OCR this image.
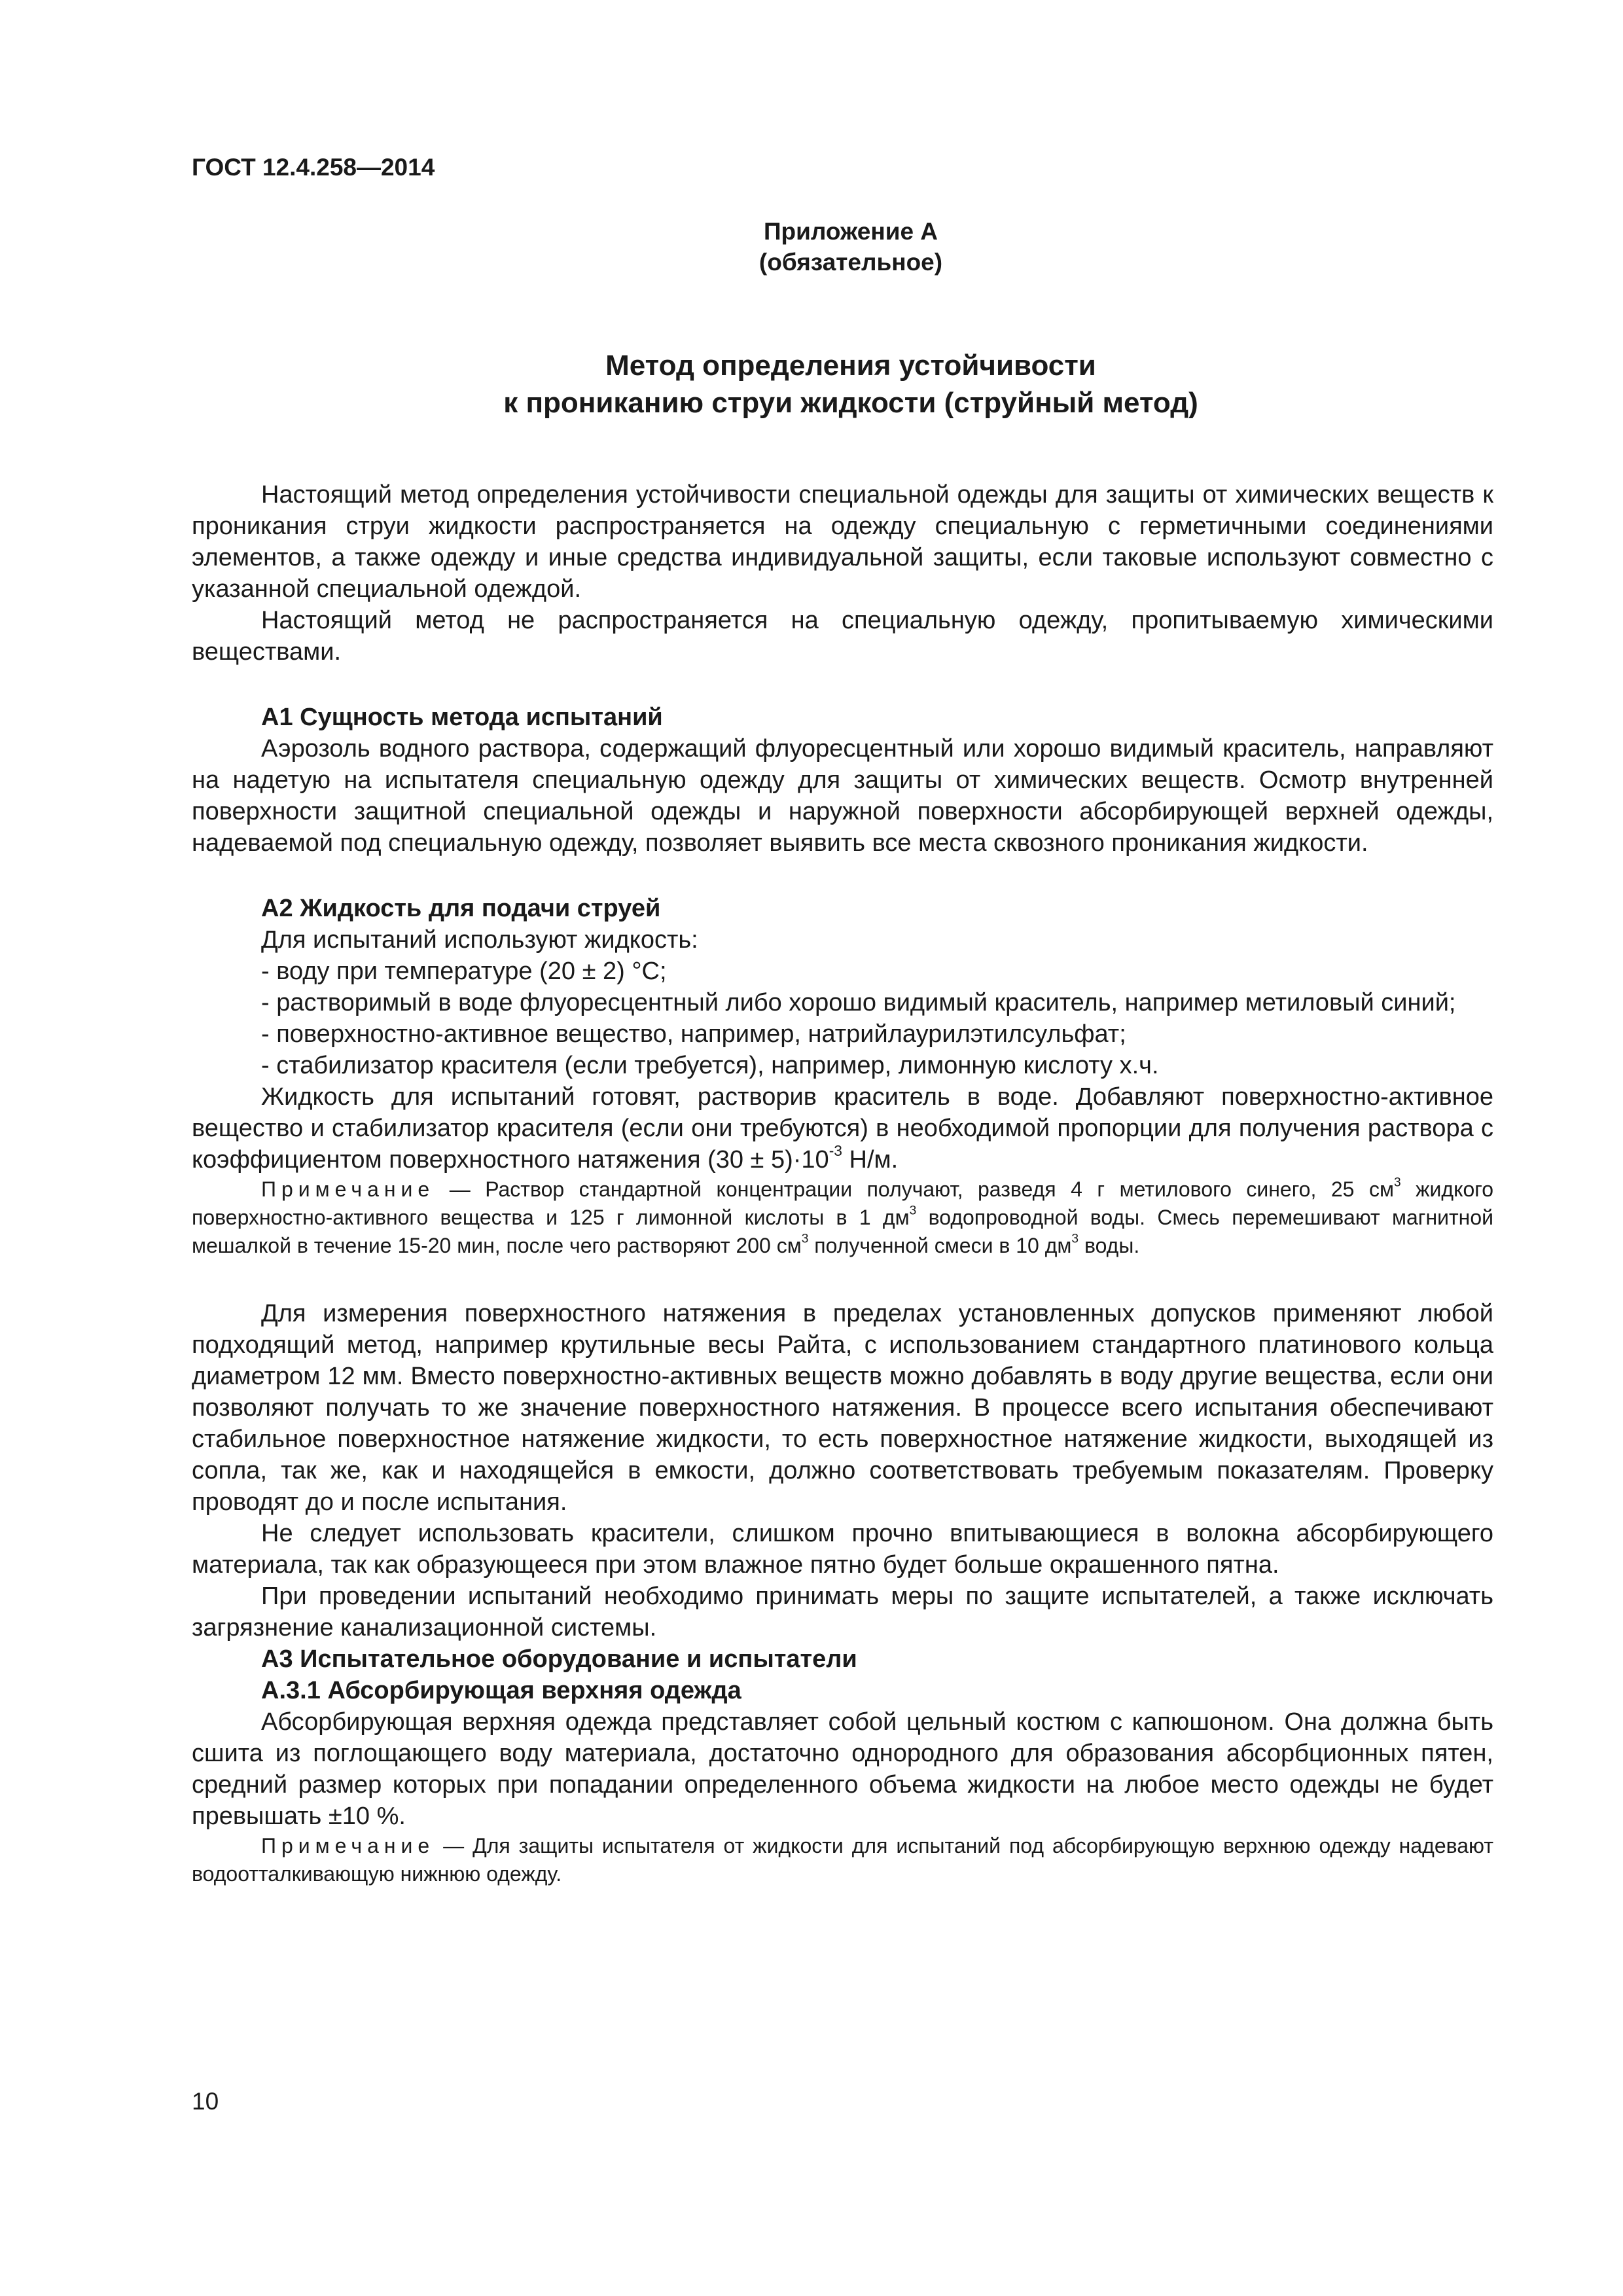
ГОСТ 12.4.258—2014
Приложение А
(обязательное)
Метод определения устойчивости
к прониканию струи жидкости (струйный метод)

Настоящий метод определения устойчивости специальной одежды для защиты от химических веществ к проникания струи жидкости распространяется на одежду специальную с герметичными соединениями элементов, а также одежду и иные средства индивидуальной защиты, если таковые используют совместно с указанной специальной одеждой.

Настоящий метод не распространяется на специальную одежду, пропитываемую химическими веществами.

А1 Сущность метода испытаний

Аэрозоль водного раствора, содержащий флуоресцентный или хорошо видимый краситель, направляют на надетую на испытателя специальную одежду для защиты от химических веществ. Осмотр внутренней поверхности защитной специальной одежды и наружной поверхности абсорбирующей верхней одежды, надеваемой под специальную одежду, позволяет выявить все места сквозного проникания жидкости.

А2 Жидкость для подачи струей

Для испытаний используют жидкость:

- воду при температуре (20 ± 2) °С;

- растворимый в воде флуоресцентный либо хорошо видимый краситель, например метиловый синий;

- поверхностно-активное вещество, например, натрийлаурилэтилсульфат;

- стабилизатор красителя (если требуется), например, лимонную кислоту х.ч.

Жидкость для испытаний готовят, растворив краситель в воде. Добавляют поверхностно-активное вещество и стабилизатор красителя (если они требуются) в необходимой пропорции для получения раствора с коэффициентом поверхностного натяжения $(30 \pm 5)\cdot 10^{-3}$ Н/м.

Примечание — Раствор стандартной концентрации получают, разведя 4 г метилового синего, 25 $см^3$ жидкого поверхностно-активного вещества и 125 г лимонной кислоты в 1 $дм^3$ водопроводной воды. Смесь перемешивают магнитной мешалкой в течение 15-20 мин, после чего растворяют 200 $см^3$ полученной смеси в 10 $дм^3$ воды.

Для измерения поверхностного натяжения в пределах установленных допусков применяют любой подходящий метод, например крутильные весы Райта, с использованием стандартного платинового кольца диаметром 12 мм. Вместо поверхностно-активных веществ можно добавлять в воду другие вещества, если они позволяют получать то же значение поверхностного натяжения. В процессе всего испытания обеспечивают стабильное поверхностное натяжение жидкости, то есть поверхностное натяжение жидкости, выходящей из сопла, так же, как и находящейся в емкости, должно соответствовать требуемым показателям. Проверку проводят до и после испытания.

Не следует использовать красители, слишком прочно впитывающиеся в волокна абсорбирующего материала, так как образующееся при этом влажное пятно будет больше окрашенного пятна.

При проведении испытаний необходимо принимать меры по защите испытателей, а также исключать загрязнение канализационной системы.

А3 Испытательное оборудование и испытатели

А.3.1 Абсорбирующая верхняя одежда

Абсорбирующая верхняя одежда представляет собой цельный костюм с капюшоном. Она должна быть сшита из поглощающего воду материала, достаточно однородного для образования абсорбционных пятен, средний размер которых при попадании определенного объема жидкости на любое место одежды не будет превышать ±10 %.

Примечание — Для защиты испытателя от жидкости для испытаний под абсорбирующую верхнюю одежду надевают водоотталкивающую нижнюю одежду.

10
